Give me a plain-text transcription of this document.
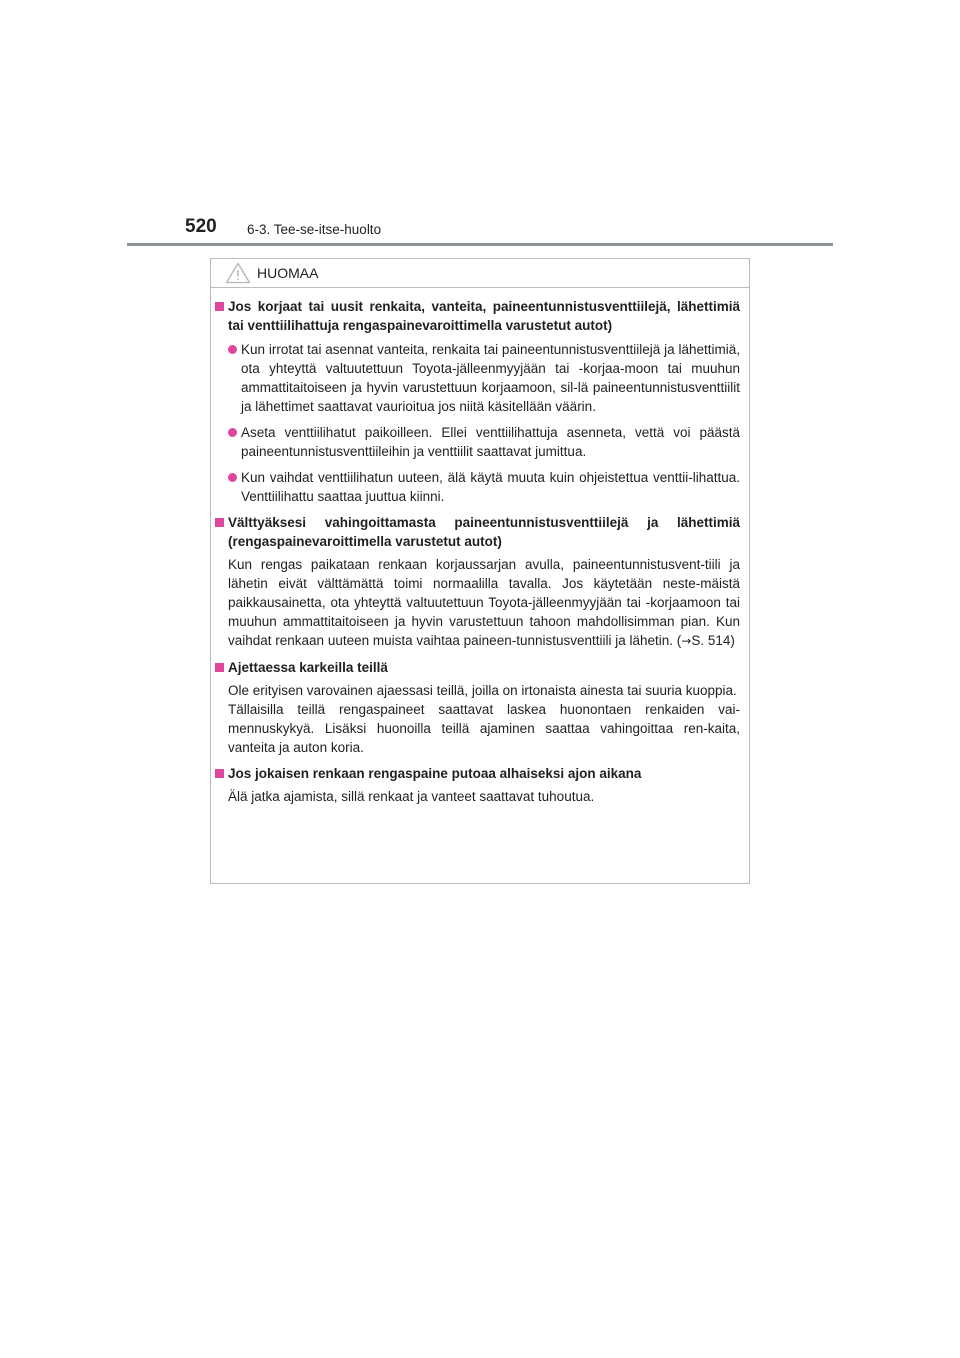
520 6-3. Tee-se-itse-huolto
HUOMAA
Jos korjaat tai uusit renkaita, vanteita, paineentunnistusventtiilejä, lähettimiä tai venttiilihattuja rengaspainevaroittimella varustetut autot)
Kun irrotat tai asennat vanteita, renkaita tai paineentunnistusventtiilejä ja lähettimiä, ota yhteyttä valtuutettuun Toyota-jälleenmyyjään tai -korjaa-moon tai muuhun ammattitaitoiseen ja hyvin varustettuun korjaamoon, sil-lä paineentunnistusventtiilit ja lähettimet saattavat vaurioitua jos niitä käsitellään väärin.
Aseta venttiilihatut paikoilleen. Ellei venttiilihattuja asenneta, vettä voi päästä paineentunnistusventtiileihin ja venttiilit saattavat jumittua.
Kun vaihdat venttiilihatun uuteen, älä käytä muuta kuin ohjeistettua venttii-lihattua. Venttiilihattu saattaa juuttua kiinni.
Välttyäksesi vahingoittamasta paineentunnistusventtiilejä ja lähettimiä (rengaspainevaroittimella varustetut autot)

Kun rengas paikataan renkaan korjaussarjan avulla, paineentunnistusvent-tiili ja lähetin eivät välttämättä toimi normaalilla tavalla. Jos käytetään neste-mäistä paikkausainetta, ota yhteyttä valtuutettuun Toyota-jälleenmyyjään tai -korjaamoon tai muuhun ammattitaitoiseen ja hyvin varustettuun tahoon mahdollisimman pian. Kun vaihdat renkaan uuteen muista vaihtaa paineen-tunnistusventtiili ja lähetin. (→S. 514)

Ajettaessa karkeilla teillä

Ole erityisen varovainen ajaessasi teillä, joilla on irtonaista ainesta tai suuria kuoppia.

Tällaisilla teillä rengaspaineet saattavat laskea huonontaen renkaiden vai-mennuskykyä. Lisäksi huonoilla teillä ajaminen saattaa vahingoittaa ren-kaita, vanteita ja auton koria.

Jos jokaisen renkaan rengaspaine putoaa alhaiseksi ajon aikana

Älä jatka ajamista, sillä renkaat ja vanteet saattavat tuhoutua.
